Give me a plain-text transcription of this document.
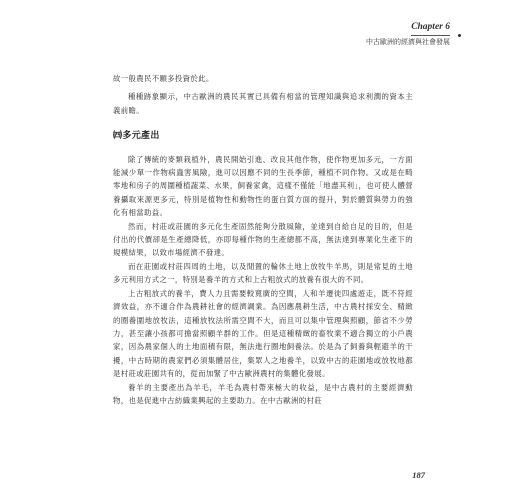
Chapter 6
中古歐洲的經濟與社會發展

故一般農民不願多投資於此。

種種跡象顯示，中古歐洲的農民其實已具備有相當的管理知識與追求利潤的資本主義前瞻。

㈣多元產出

除了傳統的麥類栽植外，農民開始引進、改良其他作物，使作物更加多元，一方面能減少單一作物病蟲害風險，進可以因應不同的生長季節，種植不同作物。又或是在畸零地和房子的周圍種植蔬菜、水果，飼養家禽，這樣不僅能「地盡其利」，也可使人體營養攝取來源更多元，特別是植物性和動物性的蛋白質方面的提升，對於體質與勞力的強化有相當助益。

然而，村莊或莊園的多元化生產固然能夠分散風險，並達到自給自足的目的，但是付出的代價卻是生產總降低，亦即每種作物的生產總都不高，無法達到專業化生產下的規模結果，以致市場經濟不發達。

而在莊園或村莊四周的土地，以及閒置的輪休土地上放牧牛羊馬，則是常見的土地多元利用方式之一，特別是養羊的方式和上古粗放式的放養有很大的不同。

上古粗放式的養羊，費人力且需要較寬廣的空間，人和羊遷徙四處遊走，既不符經濟效益，亦不適合作為農耕社會的經濟調業。為因應農耕生活，中古農村採安全、精緻的圈養圍地放牧法，這種放牧法所需空間不大，而且可以集中管理與照顧，節省不少勞力，甚至讓小孩都可擔當照顧羊群的工作。但是這種精緻的畜牧業不適合獨立的小戶農家，因為農家個人的土地面積有限，無法進行圈地飼養法。於是為了飼養與輕避羊的干擾，中古時期的農家們必須集體居住，集眾人之地養羊，以致中古的莊園地或放牧地都是村莊或莊園共有的，從而加緊了中古歐洲農村的集體化發展。

養羊的主要產出為羊毛，羊毛為農村帶來極大的收益，是中古農村的主要經濟動物，也是促進中古紡織業興起的主要助力。在中古歐洲的村莊

187
